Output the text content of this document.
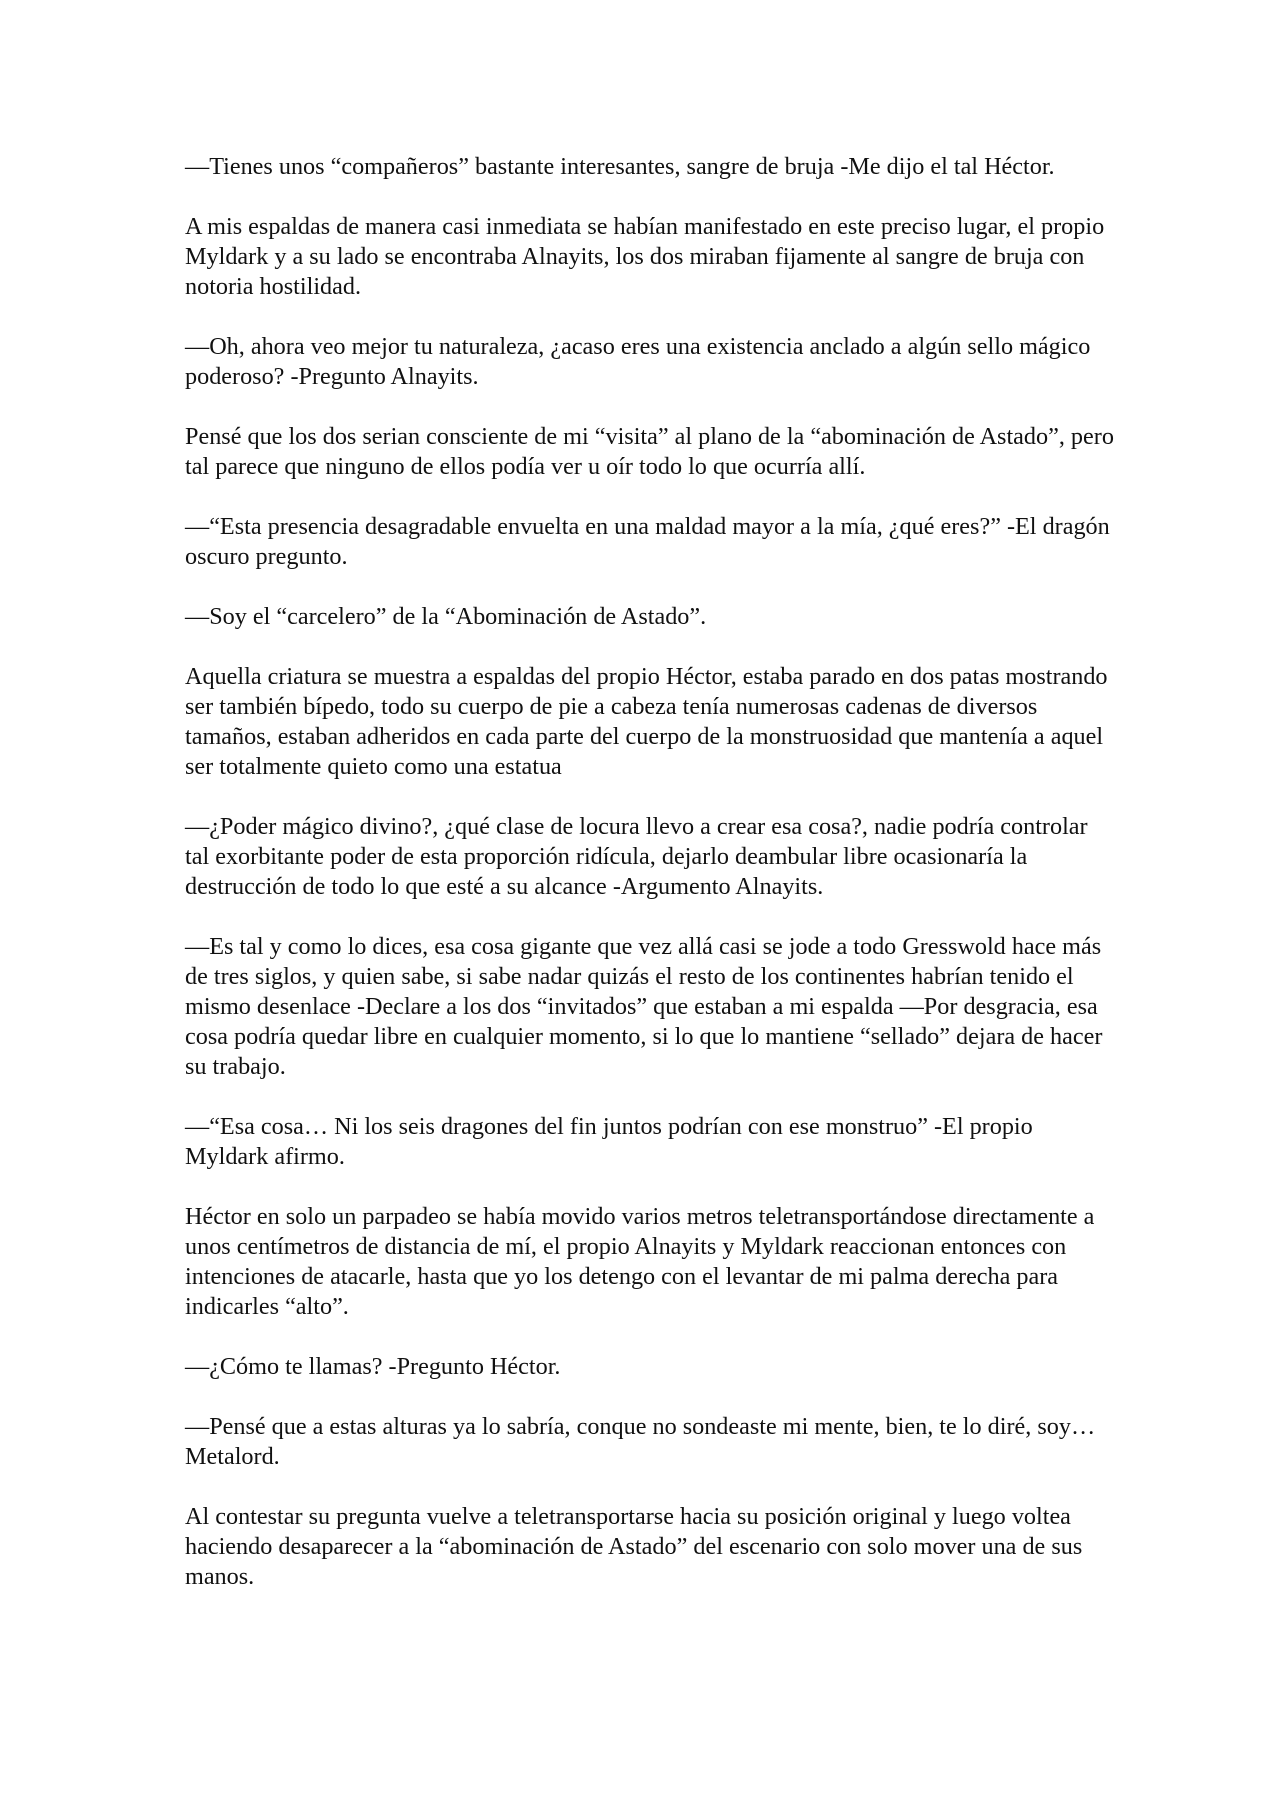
—Tienes unos “compañeros” bastante interesantes, sangre de bruja -Me dijo el tal Héctor.

A mis espaldas de manera casi inmediata se habían manifestado en este preciso lugar, el propio Myldark y a su lado se encontraba Alnayits, los dos miraban fijamente al sangre de bruja con notoria hostilidad.

—Oh, ahora veo mejor tu naturaleza, ¿acaso eres una existencia anclado a algún sello mágico poderoso? -Pregunto Alnayits.

Pensé que los dos serian consciente de mi “visita” al plano de la “abominación de Astado”, pero tal parece que ninguno de ellos podía ver u oír todo lo que ocurría allí.

—“Esta presencia desagradable envuelta en una maldad mayor a la mía, ¿qué eres?” -El dragón oscuro pregunto.

—Soy el “carcelero” de la “Abominación de Astado”.

Aquella criatura se muestra a espaldas del propio Héctor, estaba parado en dos patas mostrando ser también bípedo, todo su cuerpo de pie a cabeza tenía numerosas cadenas de diversos tamaños, estaban adheridos en cada parte del cuerpo de la monstruosidad que mantenía a aquel ser totalmente quieto como una estatua

—¿Poder mágico divino?, ¿qué clase de locura llevo a crear esa cosa?, nadie podría controlar tal exorbitante poder de esta proporción ridícula, dejarlo deambular libre ocasionaría la destrucción de todo lo que esté a su alcance -Argumento Alnayits.

—Es tal y como lo dices, esa cosa gigante que vez allá casi se jode a todo Gresswold hace más de tres siglos, y quien sabe, si sabe nadar quizás el resto de los continentes habrían tenido el mismo desenlace -Declare a los dos “invitados” que estaban a mi espalda —Por desgracia, esa cosa podría quedar libre en cualquier momento, si lo que lo mantiene “sellado” dejara de hacer su trabajo.

—“Esa cosa… Ni los seis dragones del fin juntos podrían con ese monstruo” -El propio Myldark afirmo.

Héctor en solo un parpadeo se había movido varios metros teletransportándose directamente a unos centímetros de distancia de mí, el propio Alnayits y Myldark reaccionan entonces con intenciones de atacarle, hasta que yo los detengo con el levantar de mi palma derecha para indicarles “alto”.

—¿Cómo te llamas? -Pregunto Héctor.

—Pensé que a estas alturas ya lo sabría, conque no sondeaste mi mente, bien, te lo diré, soy… Metalord.

Al contestar su pregunta vuelve a teletransportarse hacia su posición original y luego voltea haciendo desaparecer a la “abominación de Astado” del escenario con solo mover una de sus manos.
